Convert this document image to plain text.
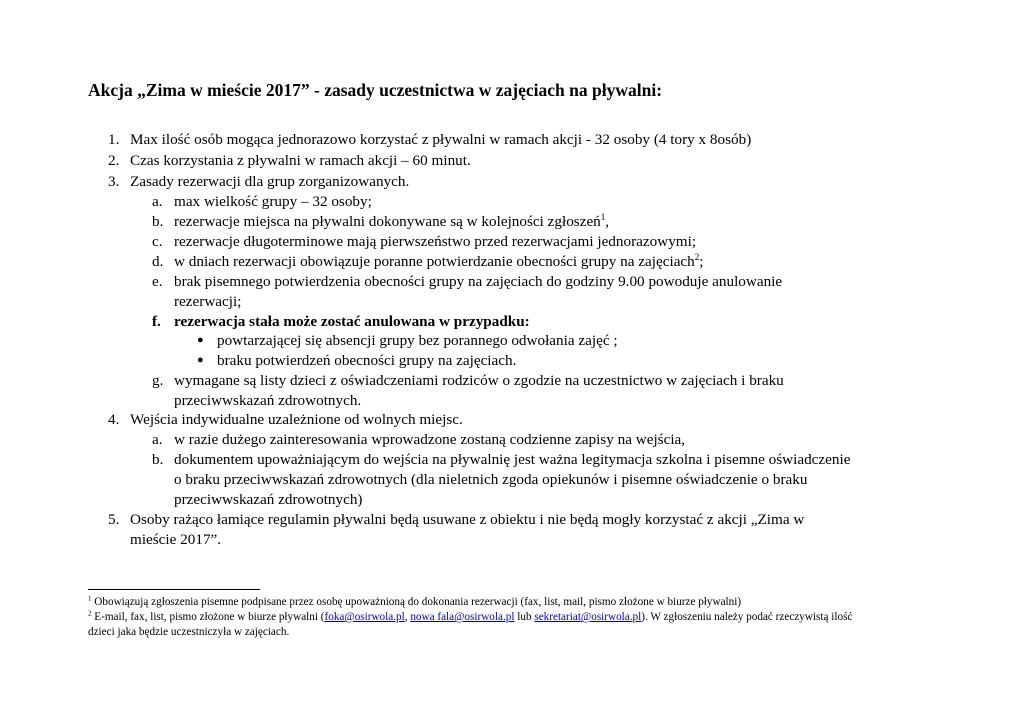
Akcja „Zima w mieście 2017” - zasady uczestnictwa w zajęciach na pływalni:
1. Max ilość osób mogąca jednorazowo korzystać z pływalni w ramach akcji - 32 osoby (4 tory x 8osób)
2. Czas korzystania z pływalni w ramach akcji – 60 minut.
3. Zasady rezerwacji dla grup zorganizowanych.
a. max wielkość grupy – 32 osoby;
b. rezerwacje miejsca na pływalni dokonywane są w kolejności zgłoszeń$^1$,
c. rezerwacje długoterminowe mają pierwszeństwo przed rezerwacjami jednorazowymi;
d. w dniach rezerwacji obowiązuje poranne potwierdzanie obecności grupy na zajęciach$^2$;
e. brak pisemnego potwierdzenia obecności grupy na zajęciach do godziny 9.00 powoduje anulowanie
rezerwacji;
f. rezerwacja stała może zostać anulowana w przypadku:
● powtarzającej się absencji grupy bez porannego odwołania zajęć ;
● braku potwierdzeń obecności grupy na zajęciach.
g. wymagane są listy dzieci z oświadczeniami rodziców o zgodzie na uczestnictwo w zajęciach i braku
przeciwwskazań zdrowotnych.
4. Wejścia indywidualne uzależnione od wolnych miejsc.
a. w razie dużego zainteresowania wprowadzone zostaną codzienne zapisy na wejścia,
b. dokumentem upoważniającym do wejścia na pływalnię jest ważna legitymacja szkolna i pisemne oświadczenie
o braku przeciwwskazań zdrowotnych (dla nieletnich zgoda opiekunów i pisemne oświadczenie o braku
przeciwwskazań zdrowotnych)
5. Osoby rażąco łamiące regulamin pływalni będą usuwane z obiektu i nie będą mogły korzystać z akcji „Zima w
mieście 2017”.
$^1$ Obowiązują zgłoszenia pisemne podpisane przez osobę upoważnioną do dokonania rezerwacji (fax, list, mail, pismo złożone w biurze pływalni)
$^2$ E-mail, fax, list, pismo złożone w biurze pływalni (foka@osirwola.pl, nowa fala@osirwola.pl lub sekretariat@osirwola.pl). W zgłoszeniu należy podać rzeczywistą ilość
dzieci jaka będzie uczestniczyła w zajęciach.
